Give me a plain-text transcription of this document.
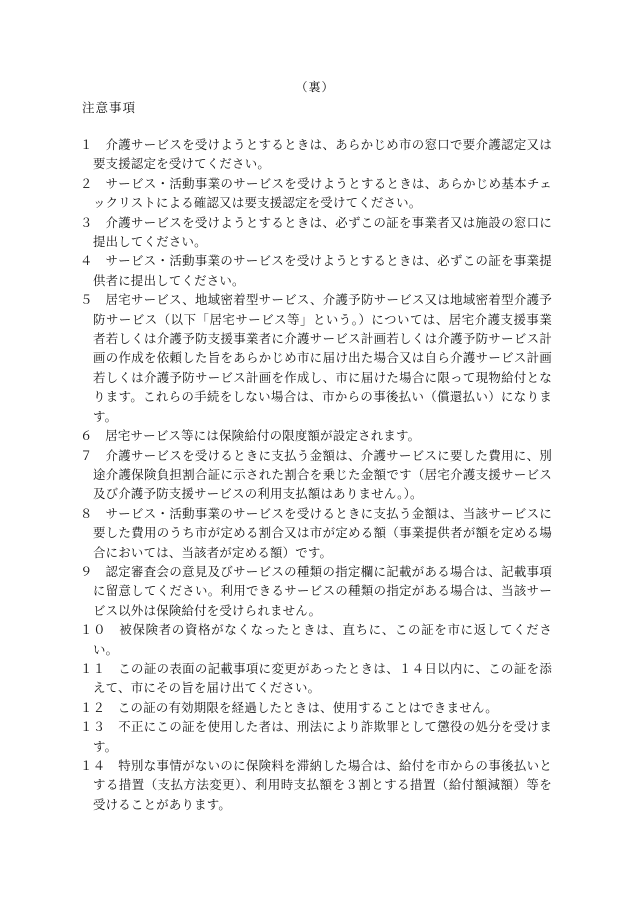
（裏）
注意事項
１　介護サービスを受けようとするときは、あらかじめ市の窓口で要介護認定又は要支援認定を受けてください。
２　サービス・活動事業のサービスを受けようとするときは、あらかじめ基本チェックリストによる確認又は要支援認定を受けてください。
３　介護サービスを受けようとするときは、必ずこの証を事業者又は施設の窓口に提出してください。
４　サービス・活動事業のサービスを受けようとするときは、必ずこの証を事業提供者に提出してください。
５　居宅サービス、地域密着型サービス、介護予防サービス又は地域密着型介護予防サービス（以下「居宅サービス等」という。）については、居宅介護支援事業者若しくは介護予防支援事業者に介護サービス計画若しくは介護予防サービス計画の作成を依頼した旨をあらかじめ市に届け出た場合又は自ら介護サービス計画若しくは介護予防サービス計画を作成し、市に届けた場合に限って現物給付となります。これらの手続をしない場合は、市からの事後払い（償還払い）になります。
６　居宅サービス等には保険給付の限度額が設定されます。
７　介護サービスを受けるときに支払う金額は、介護サービスに要した費用に、別途介護保険負担割合証に示された割合を乗じた金額です（居宅介護支援サービス及び介護予防支援サービスの利用支払額はありません。）。
８　サービス・活動事業のサービスを受けるときに支払う金額は、当該サービスに要した費用のうち市が定める割合又は市が定める額（事業提供者が額を定める場合においては、当該者が定める額）です。
９　認定審査会の意見及びサービスの種類の指定欄に記載がある場合は、記載事項に留意してください。利用できるサービスの種類の指定がある場合は、当該サービス以外は保険給付を受けられません。
１０　被保険者の資格がなくなったときは、直ちに、この証を市に返してください。
１１　この証の表面の記載事項に変更があったときは、１４日以内に、この証を添えて、市にその旨を届け出てください。
１２　この証の有効期限を経過したときは、使用することはできません。
１３　不正にこの証を使用した者は、刑法により詐欺罪として懲役の処分を受けます。
１４　特別な事情がないのに保険料を滞納した場合は、給付を市からの事後払いとする措置（支払方法変更）、利用時支払額を３割とする措置（給付額減額）等を受けることがあります。
